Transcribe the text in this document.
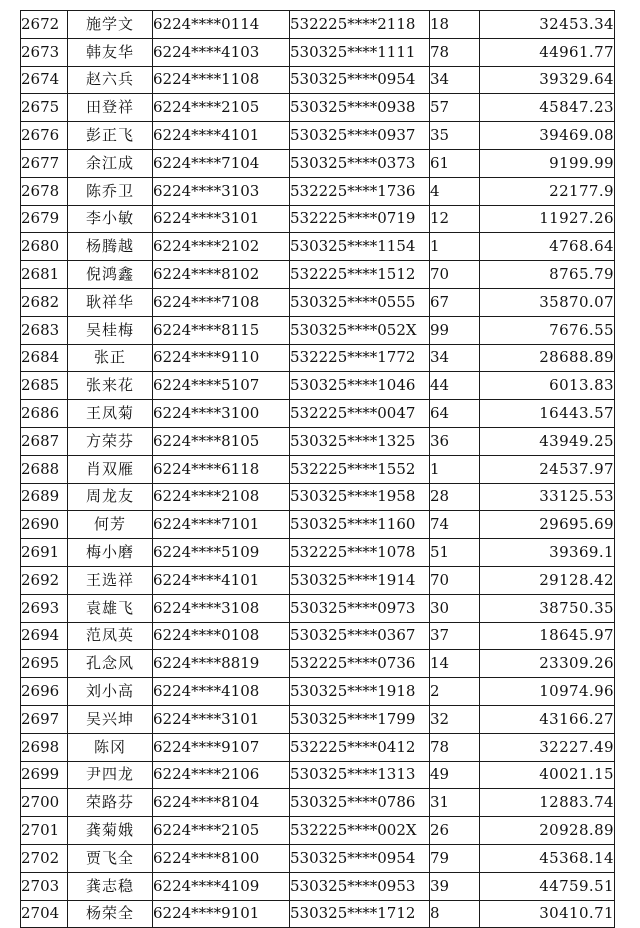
2672	施学文	6224****0114	532225****2118	18	32453.34
2673	韩友华	6224****4103	530325****1111	78	44961.77
2674	赵六兵	6224****1108	530325****0954	34	39329.64
2675	田登祥	6224****2105	530325****0938	57	45847.23
2676	彭正飞	6224****4101	530325****0937	35	39469.08
2677	余江成	6224****7104	530325****0373	61	9199.99
2678	陈乔卫	6224****3103	532225****1736	4	22177.9
2679	李小敏	6224****3101	532225****0719	12	11927.26
2680	杨腾越	6224****2102	530325****1154	1	4768.64
2681	倪鸿鑫	6224****8102	532225****1512	70	8765.79
2682	耿祥华	6224****7108	530325****0555	67	35870.07
2683	吴桂梅	6224****8115	530325****052X	99	7676.55
2684	张正	6224****9110	532225****1772	34	28688.89
2685	张来花	6224****5107	530325****1046	44	6013.83
2686	王凤菊	6224****3100	532225****0047	64	16443.57
2687	方荣芬	6224****8105	530325****1325	36	43949.25
2688	肖双雁	6224****6118	532225****1552	1	24537.97
2689	周龙友	6224****2108	530325****1958	28	33125.53
2690	何芳	6224****7101	530325****1160	74	29695.69
2691	梅小磨	6224****5109	532225****1078	51	39369.1
2692	王选祥	6224****4101	530325****1914	70	29128.42
2693	袁雄飞	6224****3108	530325****0973	30	38750.35
2694	范凤英	6224****0108	530325****0367	37	18645.97
2695	孔念风	6224****8819	532225****0736	14	23309.26
2696	刘小高	6224****4108	530325****1918	2	10974.96
2697	吴兴坤	6224****3101	530325****1799	32	43166.27
2698	陈冈	6224****9107	532225****0412	78	32227.49
2699	尹四龙	6224****2106	530325****1313	49	40021.15
2700	荣路芬	6224****8104	530325****0786	31	12883.74
2701	龚菊娥	6224****2105	532225****002X	26	20928.89
2702	贾飞全	6224****8100	530325****0954	79	45368.14
2703	龚志稳	6224****4109	530325****0953	39	44759.51
2704	杨荣全	6224****9101	530325****1712	8	30410.71
